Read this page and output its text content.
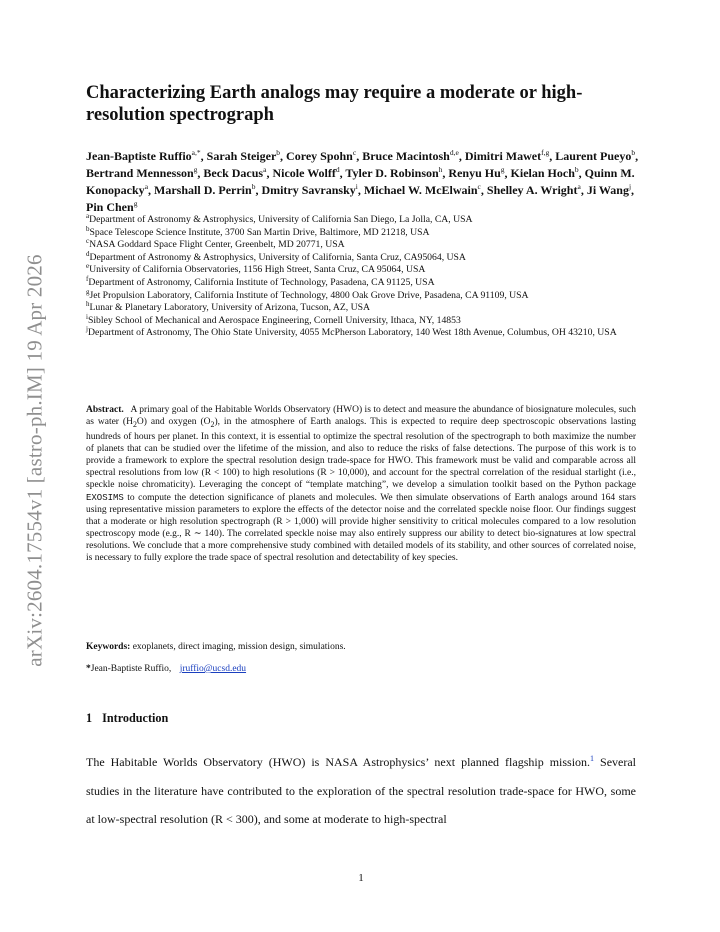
arXiv:2604.17554v1 [astro-ph.IM] 19 Apr 2026
Characterizing Earth analogs may require a moderate or high-resolution spectrograph
Jean-Baptiste Ruffio$^{a,*}$, Sarah Steiger$^b$, Corey Spohn$^c$, Bruce Macintosh$^{d,e}$, Dimitri Mawet$^{f,g}$, Laurent Pueyo$^b$, Bertrand Mennesson$^g$, Beck Dacus$^a$, Nicole Wolff$^d$, Tyler D. Robinson$^h$, Renyu Hu$^g$, Kielan Hoch$^b$, Quinn M. Konopacky$^a$, Marshall D. Perrin$^b$, Dmitry Savransky$^i$, Michael W. McElwain$^c$, Shelley A. Wright$^a$, Ji Wang$^j$, Pin Chen$^g$
$^a$Department of Astronomy & Astrophysics, University of California San Diego, La Jolla, CA, USA
$^b$Space Telescope Science Institute, 3700 San Martin Drive, Baltimore, MD 21218, USA
$^c$NASA Goddard Space Flight Center, Greenbelt, MD 20771, USA
$^d$Department of Astronomy & Astrophysics, University of California, Santa Cruz, CA95064, USA
$^e$University of California Observatories, 1156 High Street, Santa Cruz, CA 95064, USA
$^f$Department of Astronomy, California Institute of Technology, Pasadena, CA 91125, USA
$^g$Jet Propulsion Laboratory, California Institute of Technology, 4800 Oak Grove Drive, Pasadena, CA 91109, USA
$^h$Lunar & Planetary Laboratory, University of Arizona, Tucson, AZ, USA
$^i$Sibley School of Mechanical and Aerospace Engineering, Cornell University, Ithaca, NY, 14853
$^j$Department of Astronomy, The Ohio State University, 4055 McPherson Laboratory, 140 West 18th Avenue, Columbus, OH 43210, USA
Abstract. A primary goal of the Habitable Worlds Observatory (HWO) is to detect and measure the abundance of biosignature molecules, such as water $(H_2O)$ and oxygen $(O_2)$, in the atmosphere of Earth analogs. This is expected to require deep spectroscopic observations lasting hundreds of hours per planet. In this context, it is essential to optimize the spectral resolution of the spectrograph to both maximize the number of planets that can be studied over the lifetime of the mission, and also to reduce the risks of false detections. The purpose of this work is to provide a framework to explore the spectral resolution design trade-space for HWO. This framework must be valid and comparable across all spectral resolutions from low (R < 100) to high resolutions (R > 10,000), and account for the spectral correlation of the residual starlight (i.e., speckle noise chromaticity). Leveraging the concept of “template matching”, we develop a simulation toolkit based on the Python package EXOSIMS to compute the detection significance of planets and molecules. We then simulate observations of Earth analogs around 164 stars using representative mission parameters to explore the effects of the detector noise and the correlated speckle noise floor. Our findings suggest that a moderate or high resolution spectrograph (R > 1,000) will provide higher sensitivity to critical molecules compared to a low resolution spectroscopy mode (e.g., R ∼ 140). The correlated speckle noise may also entirely suppress our ability to detect bio-signatures at low spectral resolutions. We conclude that a more comprehensive study combined with detailed models of its stability, and other sources of correlated noise, is necessary to fully explore the trade space of spectral resolution and detectability of key species.
Keywords: exoplanets, direct imaging, mission design, simulations.
*Jean-Baptiste Ruffio, jruffio@ucsd.edu
1 Introduction
The Habitable Worlds Observatory (HWO) is NASA Astrophysics’ next planned flagship mission.$^1$ Several studies in the literature have contributed to the exploration of the spectral resolution trade-space for HWO, some at low-spectral resolution (R < 300), and some at moderate to high-spectral
1
